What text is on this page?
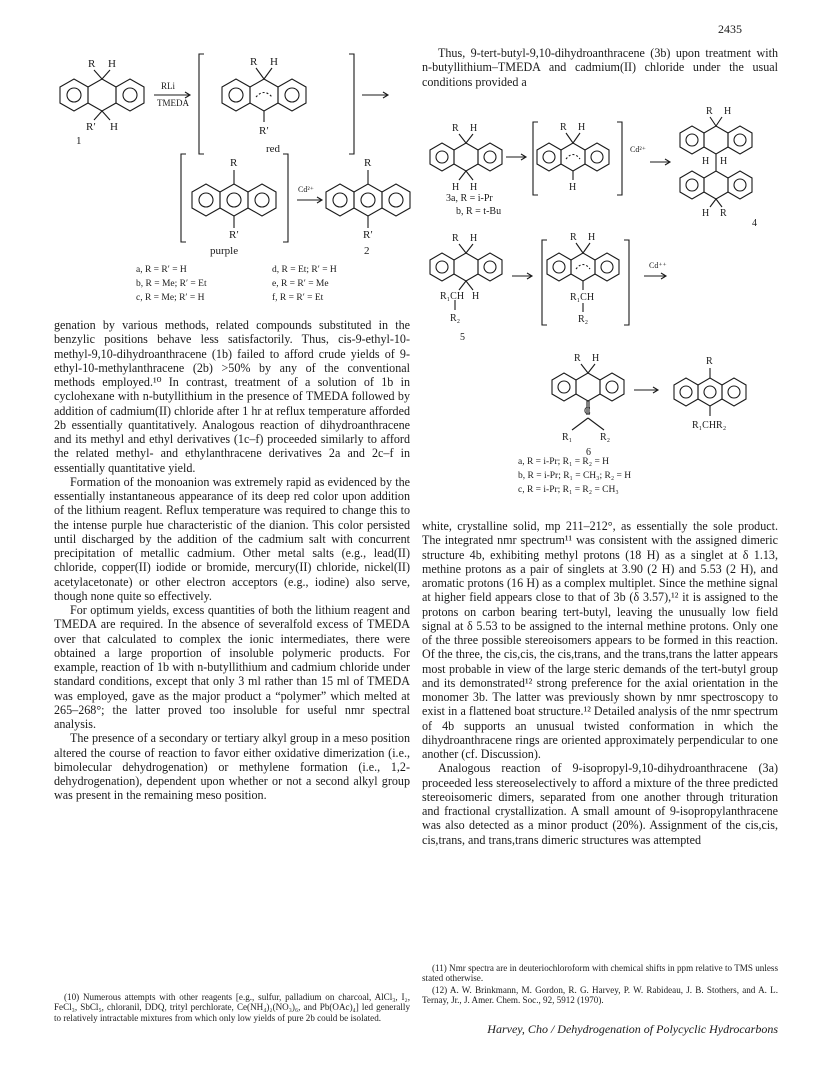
2435
R H
R′ H
RLi
TMEDA
1
R H
R′
red
R
R′
Cd²⁺
R
R′
purple	2
a, R = R′ = H
b, R = Me; R′ = Et
c, R = Me; R′ = H
d, R = Et; R′ = H
e, R = R′ = Me
f, R = R′ = Et

Thus, 9-tert-butyl-9,10-dihydroanthracene (3b) upon treatment with n-butyllithium–TMEDA and cadmium(II) chloride under the usual conditions provided a

R H
H H
R H
H
Cd²⁺
R H
H H
H R
4
R H
R₁CH H
R₂
5
R H
R₁CH
R₂
Cd⁺⁺
R H
C
R₁	R₂
6
R
R₁CHR₂
3a, R = i-Pr
b, R = t-Bu
a, R = i-Pr; R₁ = R₂ = H
b, R = i-Pr; R₁ = CH₃; R₂ = H
c, R = i-Pr; R₁ = R₂ = CH₃

genation by various methods, related compounds substituted in the benzylic positions behave less satisfactorily. Thus, cis-9-ethyl-10-methyl-9,10-dihydroanthracene (1b) failed to afford crude yields of 9-ethyl-10-methylanthracene (2b) >50% by any of the conventional methods employed.¹⁰ In contrast, treatment of a solution of 1b in cyclohexane with n-butyllithium in the presence of TMEDA followed by addition of cadmium(II) chloride after 1 hr at reflux temperature afforded 2b essentially quantitatively. Analogous reaction of dihydroanthracene and its methyl and ethyl derivatives (1c–f) proceeded similarly to afford the related methyl- and ethylanthracene derivatives 2a and 2c–f in essentially quantitative yield.

Formation of the monoanion was extremely rapid as evidenced by the essentially instantaneous appearance of its deep red color upon addition of the lithium reagent. Reflux temperature was required to change this to the intense purple hue characteristic of the dianion. This color persisted until discharged by the addition of the cadmium salt with concurrent precipitation of metallic cadmium. Other metal salts (e.g., lead(II) chloride, copper(II) iodide or bromide, mercury(II) chloride, nickel(II) acetylacetonate) or other electron acceptors (e.g., iodine) also serve, though none quite so effectively.

For optimum yields, excess quantities of both the lithium reagent and TMEDA are required. In the absence of severalfold excess of TMEDA over that calculated to complex the ionic intermediates, there were obtained a large proportion of insoluble polymeric products. For example, reaction of 1b with n-butyllithium and cadmium chloride under standard conditions, except that only 3 ml rather than 15 ml of TMEDA was employed, gave as the major product a “polymer” which melted at 265–268°; the latter proved too insoluble for useful nmr spectral analysis.

The presence of a secondary or tertiary alkyl group in a meso position altered the course of reaction to favor either oxidative dimerization (i.e., bimolecular dehydrogenation) or methylene formation (i.e., 1,2-dehydrogenation), dependent upon whether or not a second alkyl group was present in the remaining meso position.

white, crystalline solid, mp 211–212°, as essentially the sole product. The integrated nmr spectrum¹¹ was consistent with the assigned dimeric structure 4b, exhibiting methyl protons (18 H) as a singlet at δ 1.13, methine protons as a pair of singlets at 3.90 (2 H) and 5.53 (2 H), and aromatic protons (16 H) as a complex multiplet. Since the methine signal at higher field appears close to that of 3b (δ 3.57),¹² it is assigned to the protons on carbon bearing tert-butyl, leaving the unusually low field signal at δ 5.53 to be assigned to the internal methine protons. Only one of the three possible stereoisomers appears to be formed in this reaction. Of the three, the cis,cis, the cis,trans, and the trans,trans the latter appears most probable in view of the large steric demands of the tert-butyl group and its demonstrated¹² strong preference for the axial orientation in the monomer 3b. The latter was previously shown by nmr spectroscopy to exist in a flattened boat structure.¹² Detailed analysis of the nmr spectrum of 4b supports an unusual twisted conformation in which the dihydroanthracene rings are oriented approximately perpendicular to one another (cf. Discussion).

Analogous reaction of 9-isopropyl-9,10-dihydroanthracene (3a) proceeded less stereoselectively to afford a mixture of the three predicted stereoisomeric dimers, separated from one another through trituration and fractional crystallization. A small amount of 9-isopropylanthracene was also detected as a minor product (20%). Assignment of the cis,cis, cis,trans, and trans,trans dimeric structures was attempted

(10) Numerous attempts with other reagents [e.g., sulfur, palladium on charcoal, AlCl₃, I₂, FeCl₃, SbCl₅, chloranil, DDQ, trityl perchlorate, Ce(NH₄)₂(NO₃)₆, and Pb(OAc)₄] led generally to relatively intractable mixtures from which only low yields of pure 2b could be isolated.

(11) Nmr spectra are in deuteriochloroform with chemical shifts in ppm relative to TMS unless stated otherwise.

(12) A. W. Brinkmann, M. Gordon, R. G. Harvey, P. W. Rabideau, J. B. Stothers, and A. L. Ternay, Jr., J. Amer. Chem. Soc., 92, 5912 (1970).

Harvey, Cho / Dehydrogenation of Polycyclic Hydrocarbons
